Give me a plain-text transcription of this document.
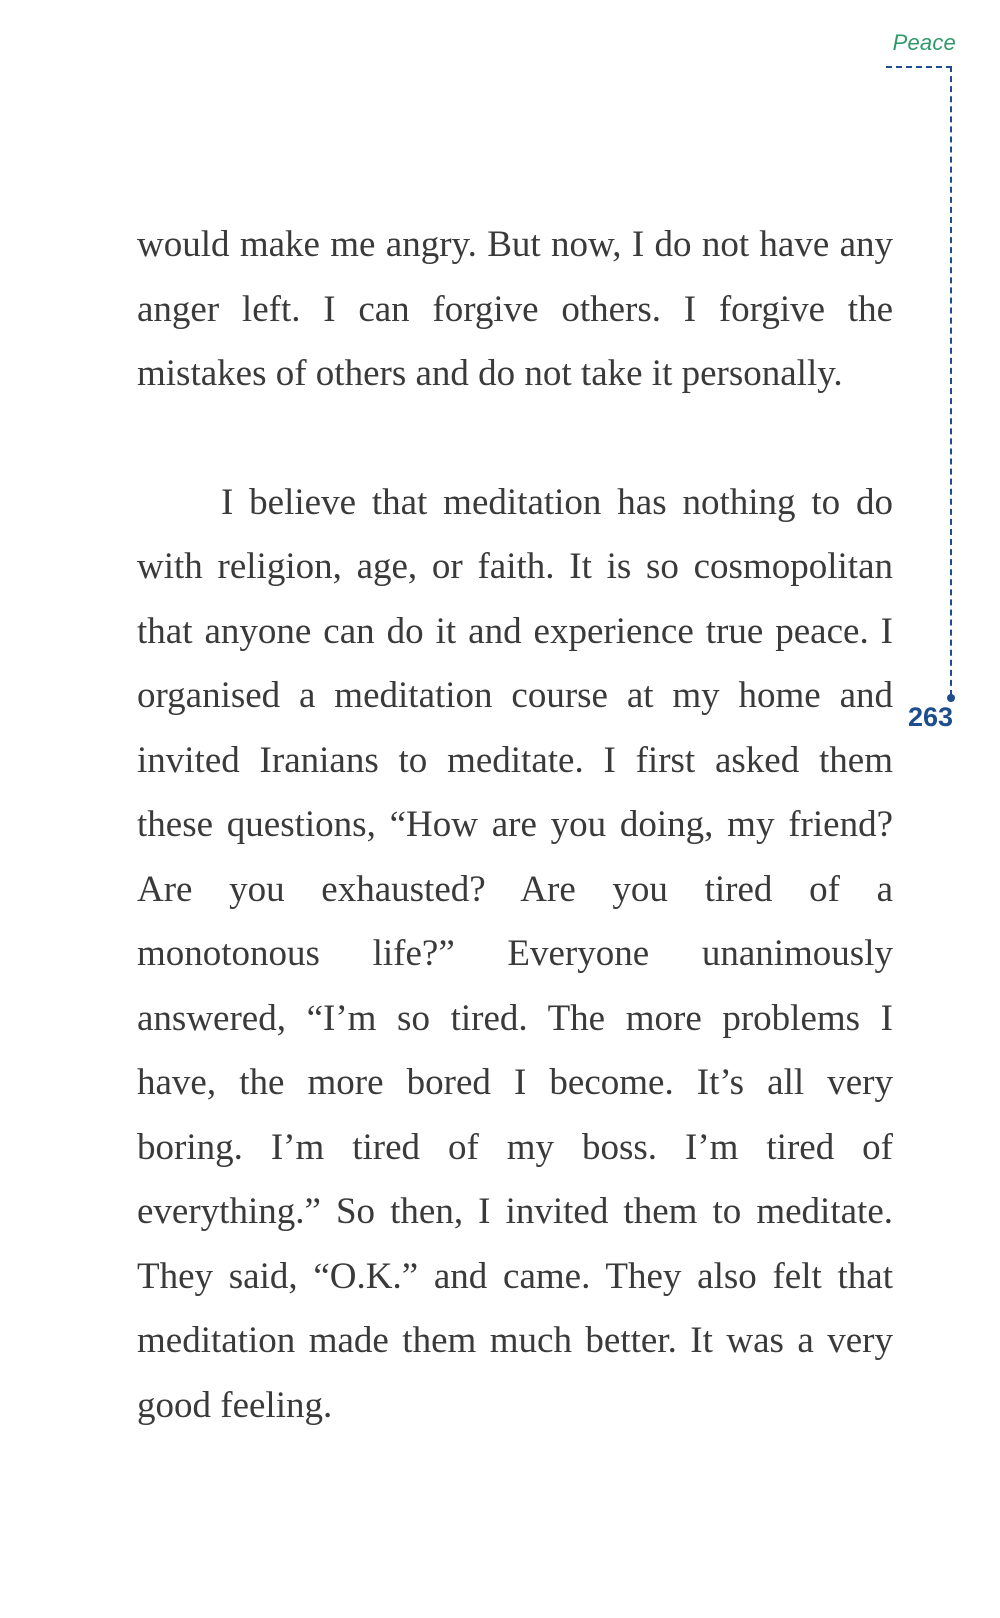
Peace
263

would make me angry. But now, I do not have any anger left. I can forgive others. I forgive the mistakes of others and do not take it personally.

I believe that meditation has nothing to do with religion, age, or faith. It is so cosmopolitan that anyone can do it and experience true peace. I organised a meditation course at my home and invited Iranians to meditate. I first asked them these questions, “How are you doing, my friend? Are you exhausted? Are you tired of a monotonous life?” Everyone unanimously answered, “I’m so tired. The more problems I have, the more bored I become. It’s all very boring. I’m tired of my boss. I’m tired of everything.” So then, I invited them to meditate. They said, “O.K.” and came. They also felt that meditation made them much better. It was a very good feeling.
